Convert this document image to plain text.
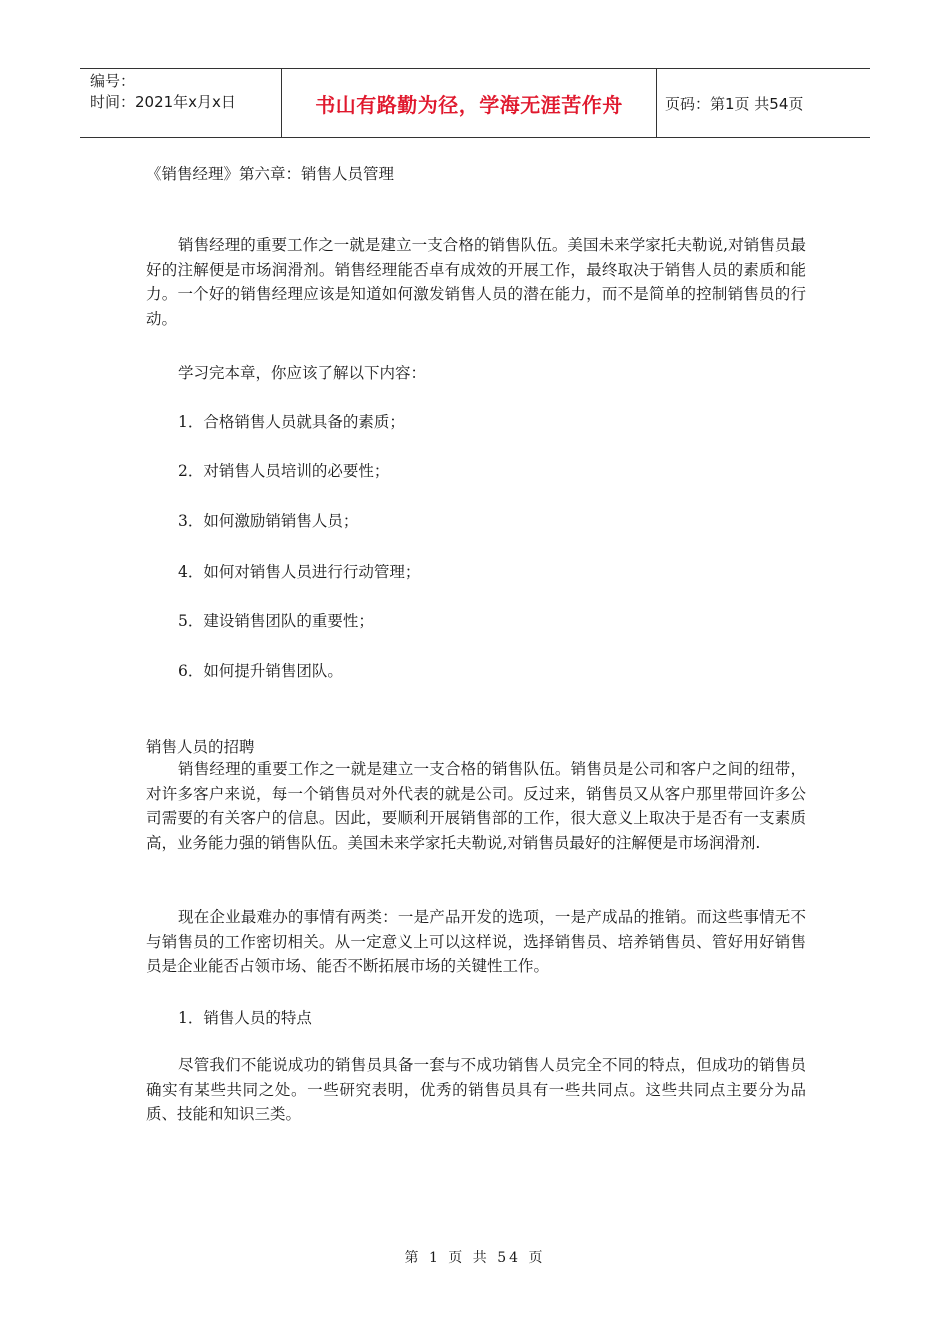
编号：
时间：2021年x月x日	书山有路勤为径，学海无涯苦作舟	页码：第1页 共54页
《销售经理》第六章：销售人员管理
销售经理的重要工作之一就是建立一支合格的销售队伍。美国未来学家托夫勒说,对销售员最好的注解便是市场润滑剂。销售经理能否卓有成效的开展工作，最终取决于销售人员的素质和能力。一个好的销售经理应该是知道如何激发销售人员的潜在能力，而不是简单的控制销售员的行动。
学习完本章，你应该了解以下内容：
1．合格销售人员就具备的素质；
2．对销售人员培训的必要性；
3．如何激励销销售人员；
4．如何对销售人员进行行动管理；
5．建设销售团队的重要性；
6．如何提升销售团队。
销售人员的招聘
销售经理的重要工作之一就是建立一支合格的销售队伍。销售员是公司和客户之间的纽带，对许多客户来说，每一个销售员对外代表的就是公司。反过来，销售员又从客户那里带回许多公司需要的有关客户的信息。因此，要顺利开展销售部的工作，很大意义上取决于是否有一支素质高，业务能力强的销售队伍。美国未来学家托夫勒说,对销售员最好的注解便是市场润滑剂.
现在企业最难办的事情有两类：一是产品开发的选项，一是产成品的推销。而这些事情无不与销售员的工作密切相关。从一定意义上可以这样说，选择销售员、培养销售员、管好用好销售员是企业能否占领市场、能否不断拓展市场的关键性工作。
1．销售人员的特点
尽管我们不能说成功的销售员具备一套与不成功销售人员完全不同的特点，但成功的销售员确实有某些共同之处。一些研究表明，优秀的销售员具有一些共同点。这些共同点主要分为品质、技能和知识三类。
第 1 页 共 54 页
